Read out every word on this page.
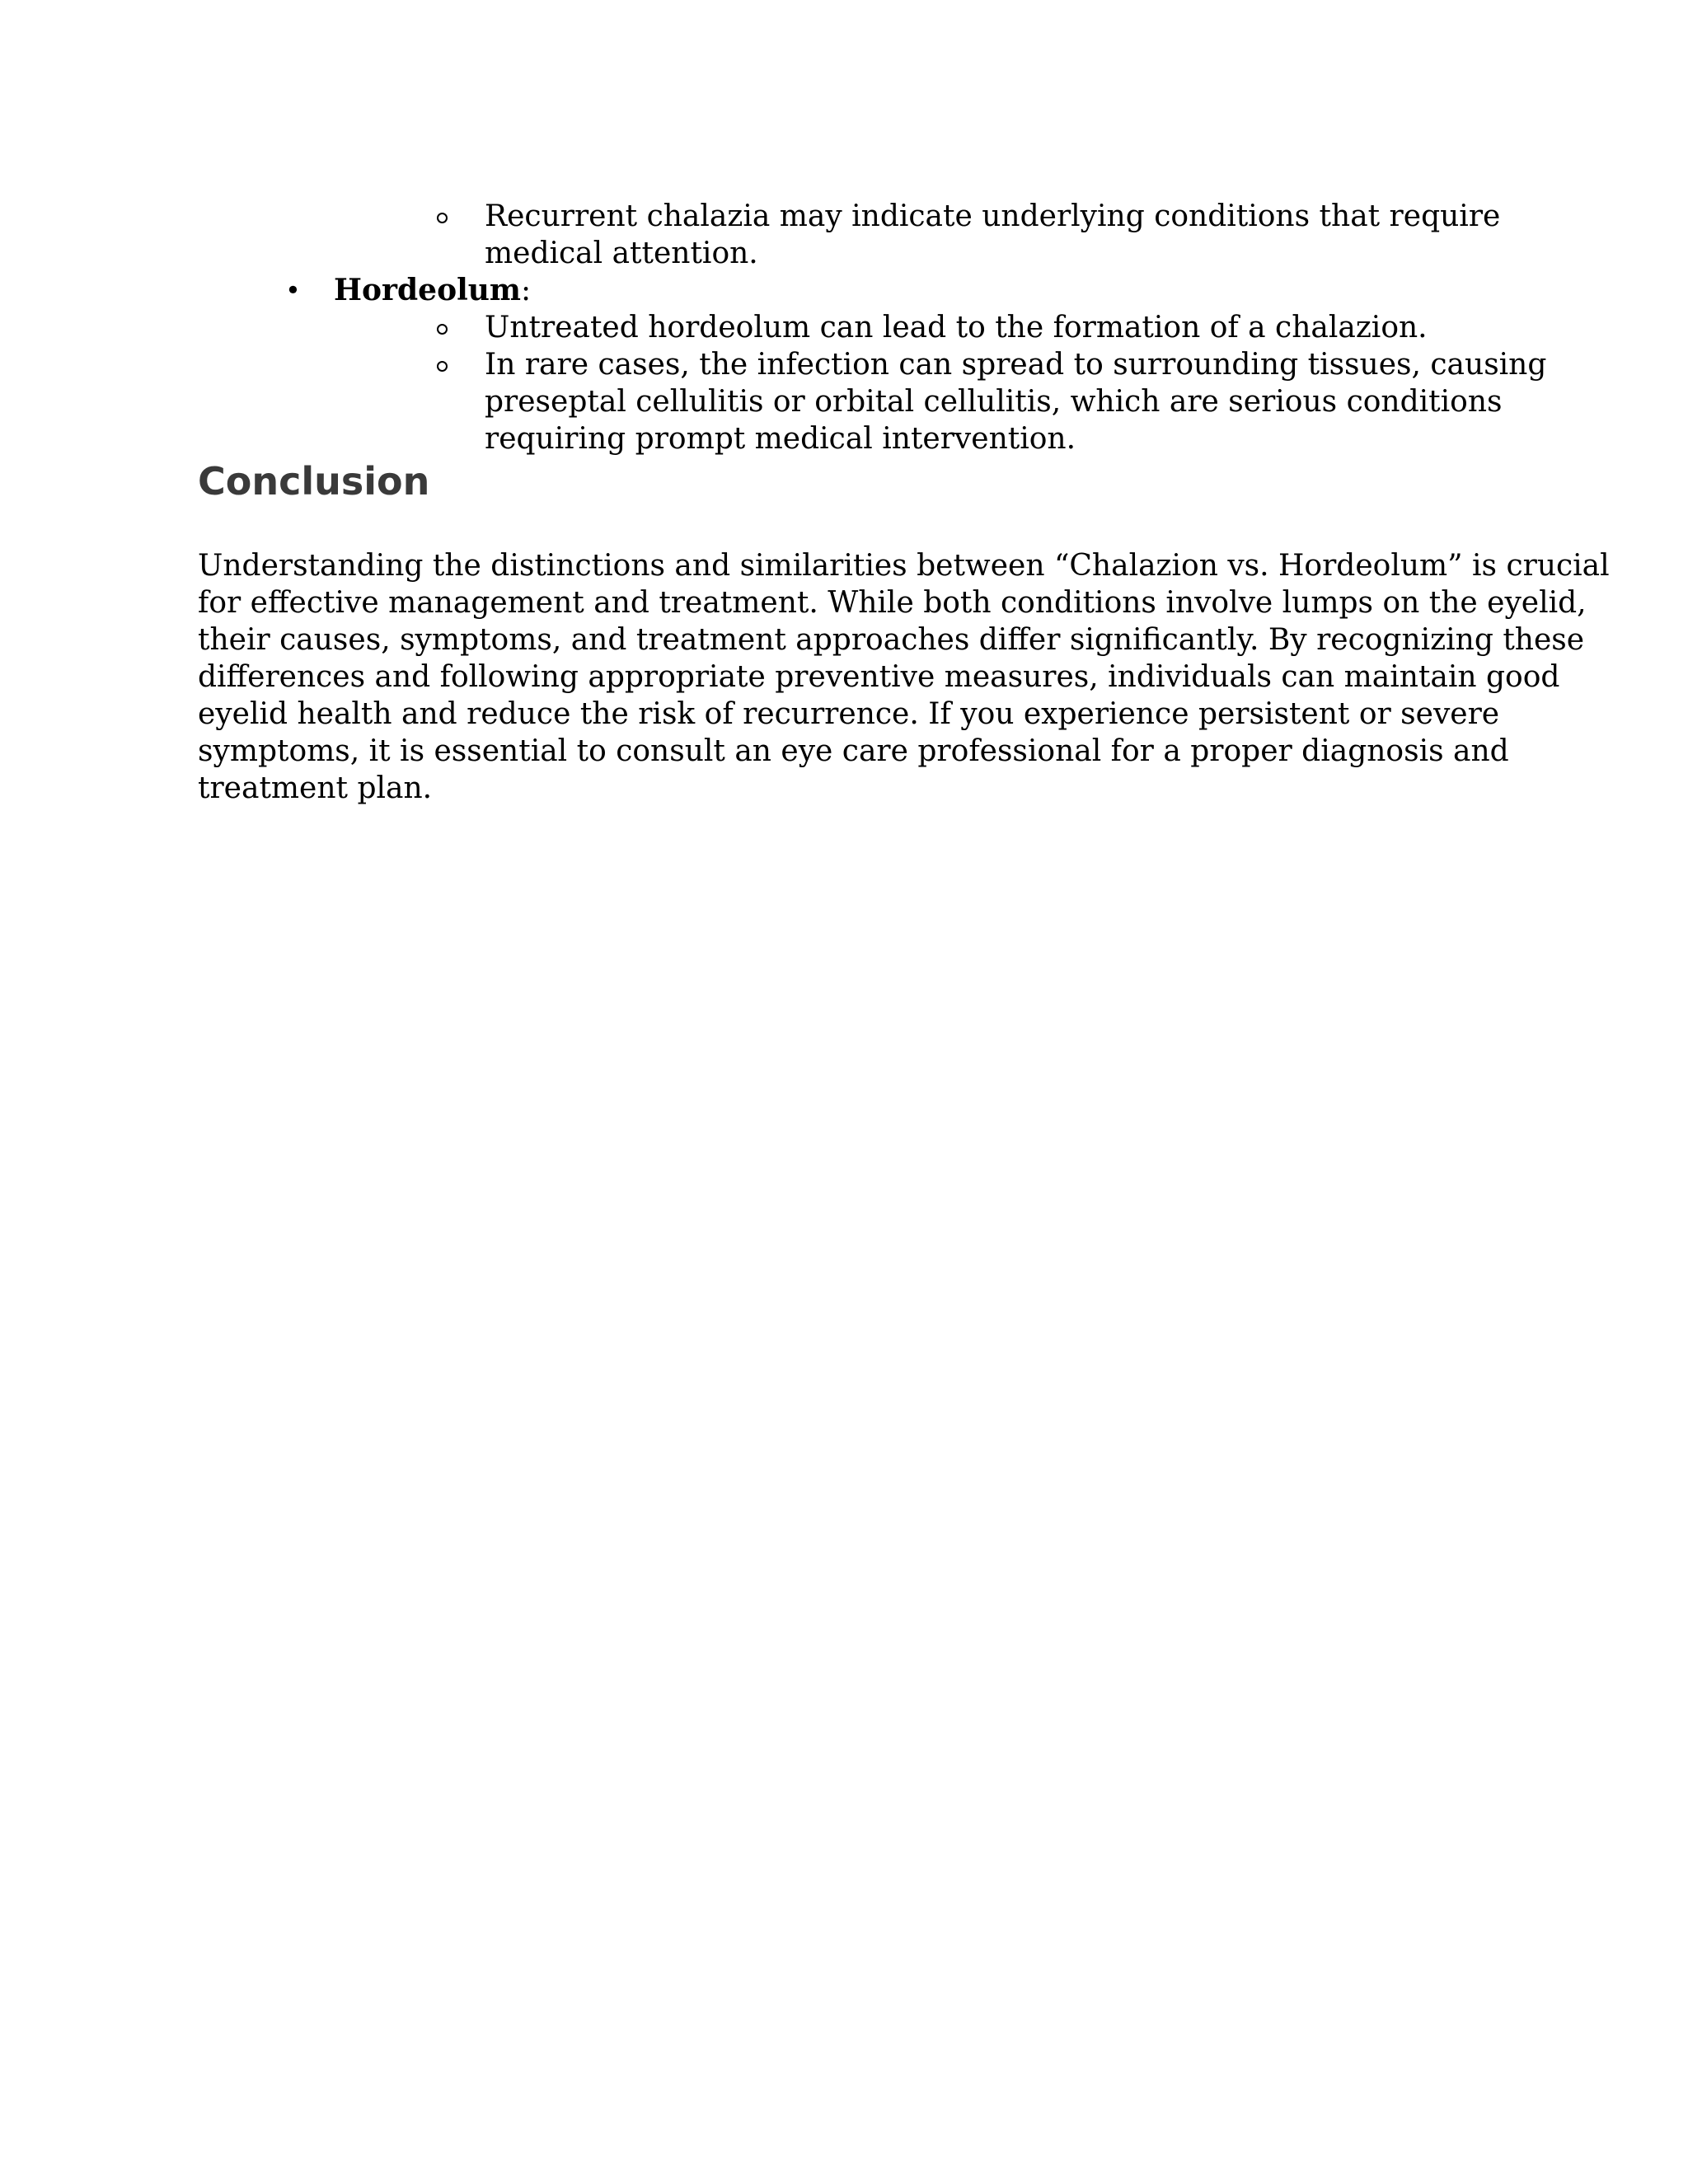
Recurrent chalazia may indicate underlying conditions that require
medical attention.
• Hordeolum:
Untreated hordeolum can lead to the formation of a chalazion.
In rare cases, the infection can spread to surrounding tissues, causing
preseptal cellulitis or orbital cellulitis, which are serious conditions
requiring prompt medical intervention.
Conclusion
Understanding the distinctions and similarities between “Chalazion vs. Hordeolum” is crucial
for effective management and treatment. While both conditions involve lumps on the eyelid,
their causes, symptoms, and treatment approaches differ significantly. By recognizing these
differences and following appropriate preventive measures, individuals can maintain good
eyelid health and reduce the risk of recurrence. If you experience persistent or severe
symptoms, it is essential to consult an eye care professional for a proper diagnosis and
treatment plan.
